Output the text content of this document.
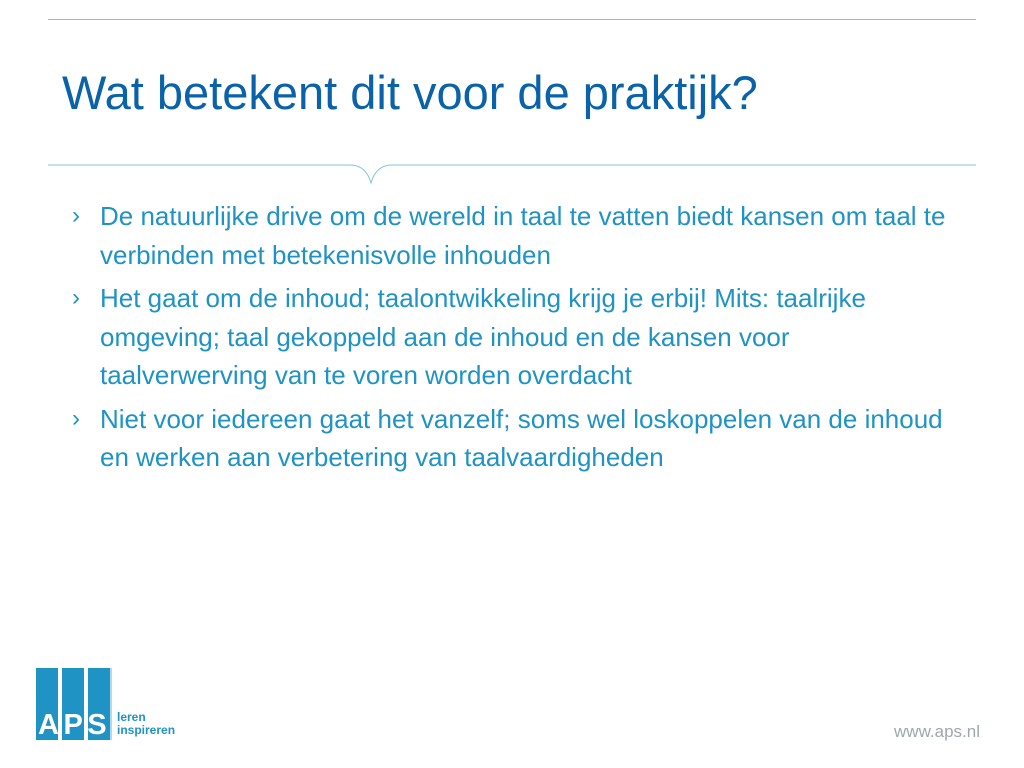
Wat betekent dit voor de praktijk?
› De natuurlijke drive om de wereld in taal te vatten biedt kansen om taal te verbinden met betekenisvolle inhouden
› Het gaat om de inhoud; taalontwikkeling krijg je erbij! Mits: taalrijke omgeving; taal gekoppeld aan de inhoud en de kansen voor taalverwerving van te voren worden overdacht
› Niet voor iedereen gaat het vanzelf; soms wel loskoppelen van de inhoud en werken aan verbetering van taalvaardigheden
APS leren
inspireren	www.aps.nl
